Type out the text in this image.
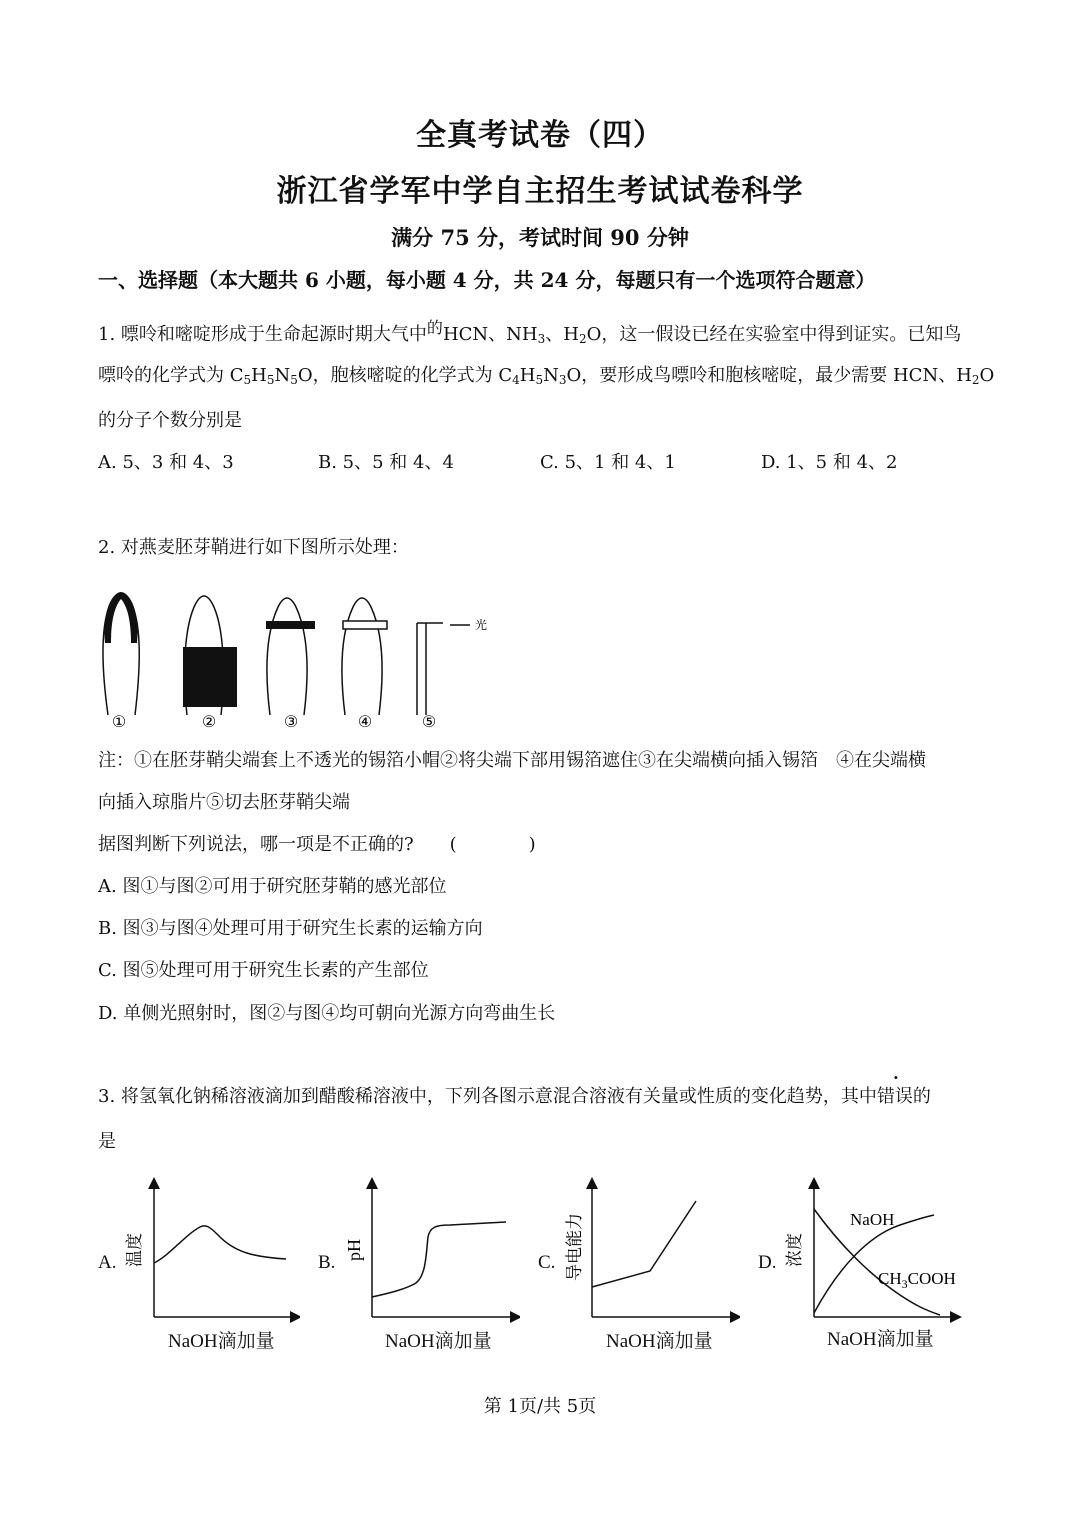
全真考试卷（四）
浙江省学军中学自主招生考试试卷科学
满分 75 分，考试时间 90 分钟
一、选择题（本大题共 6 小题，每小题 4 分，共 24 分，每题只有一个选项符合题意）
1. 嘌呤和嘧啶形成于生命起源时期大气中$^的$HCN、$NH_3$、$H_2O$，这一假设已经在实验室中得到证实。已知鸟
嘌呤的化学式为 $C_5H_5N_5O$，胞核嘧啶的化学式为 $C_4H_5N_3O$，要形成鸟嘌呤和胞核嘧啶，最少需要 HCN、$H_2O$
的分子个数分别是
A. 5、3 和 4、3	B. 5、5 和 4、4	C. 5、1 和 4、1	D. 1、5 和 4、2
2. 对燕麦胚芽鞘进行如下图所示处理：
光
①	②	③	④	⑤
注：①在胚芽鞘尖端套上不透光的锡箔小帽②将尖端下部用锡箔遮住③在尖端横向插入锡箔　④在尖端横
向插入琼脂片⑤切去胚芽鞘尖端
据图判断下列说法，哪一项是不正确的?　　(　　　　)
A. 图①与图②可用于研究胚芽鞘的感光部位
B. 图③与图④处理可用于研究生长素的运输方向
C. 图⑤处理可用于研究生长素的产生部位
D. 单侧光照射时，图②与图④均可朝向光源方向弯曲生长
3. 将氢氧化钠稀溶液滴加到醋酸稀溶液中，下列各图示意混合溶液有关量或性质的变化趋势，其中错误的
是
A. 温度
NaOH滴加量
B.
pH
NaOH滴加量
C. 导电能力
NaOH滴加量
D.
NaOH
$CH_3COOH$
浓度
NaOH滴加量
第 1页/共 5页
